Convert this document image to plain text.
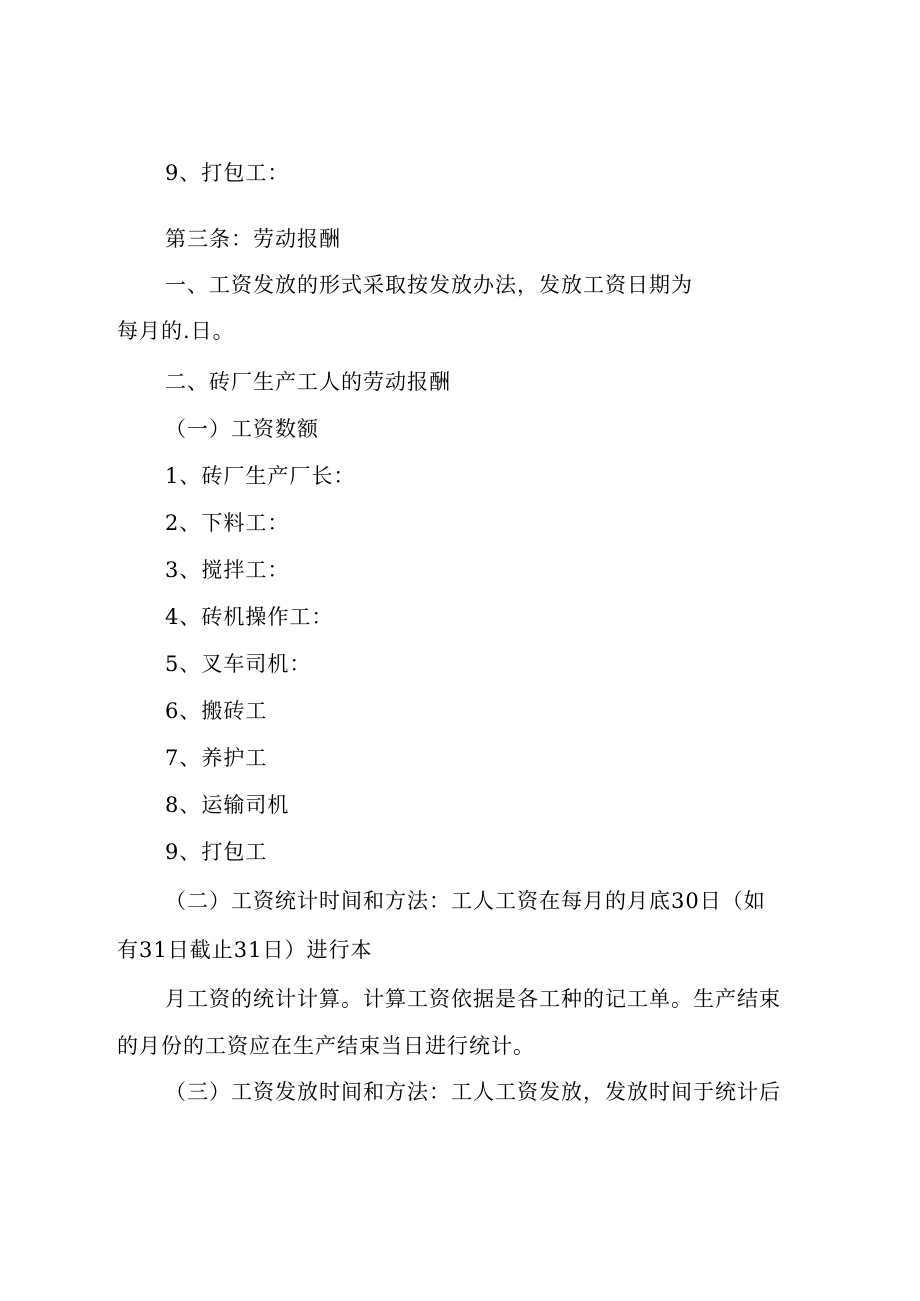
9、打包工：
第三条：劳动报酬
一、工资发放的形式采取按发放办法，发放工资日期为
每月的.日。
二、砖厂生产工人的劳动报酬
（一）工资数额
1、砖厂生产厂长：
2、下料工：
3、搅拌工：
4、砖机操作工：
5、叉车司机：
6、搬砖工
7、养护工
8、运输司机
9、打包工
（二）工资统计时间和方法：工人工资在每月的月底30日（如
有31日截止31日）进行本
月工资的统计计算。计算工资依据是各工种的记工单。生产结束
的月份的工资应在生产结束当日进行统计。
（三）工资发放时间和方法：工人工资发放，发放时间于统计后
